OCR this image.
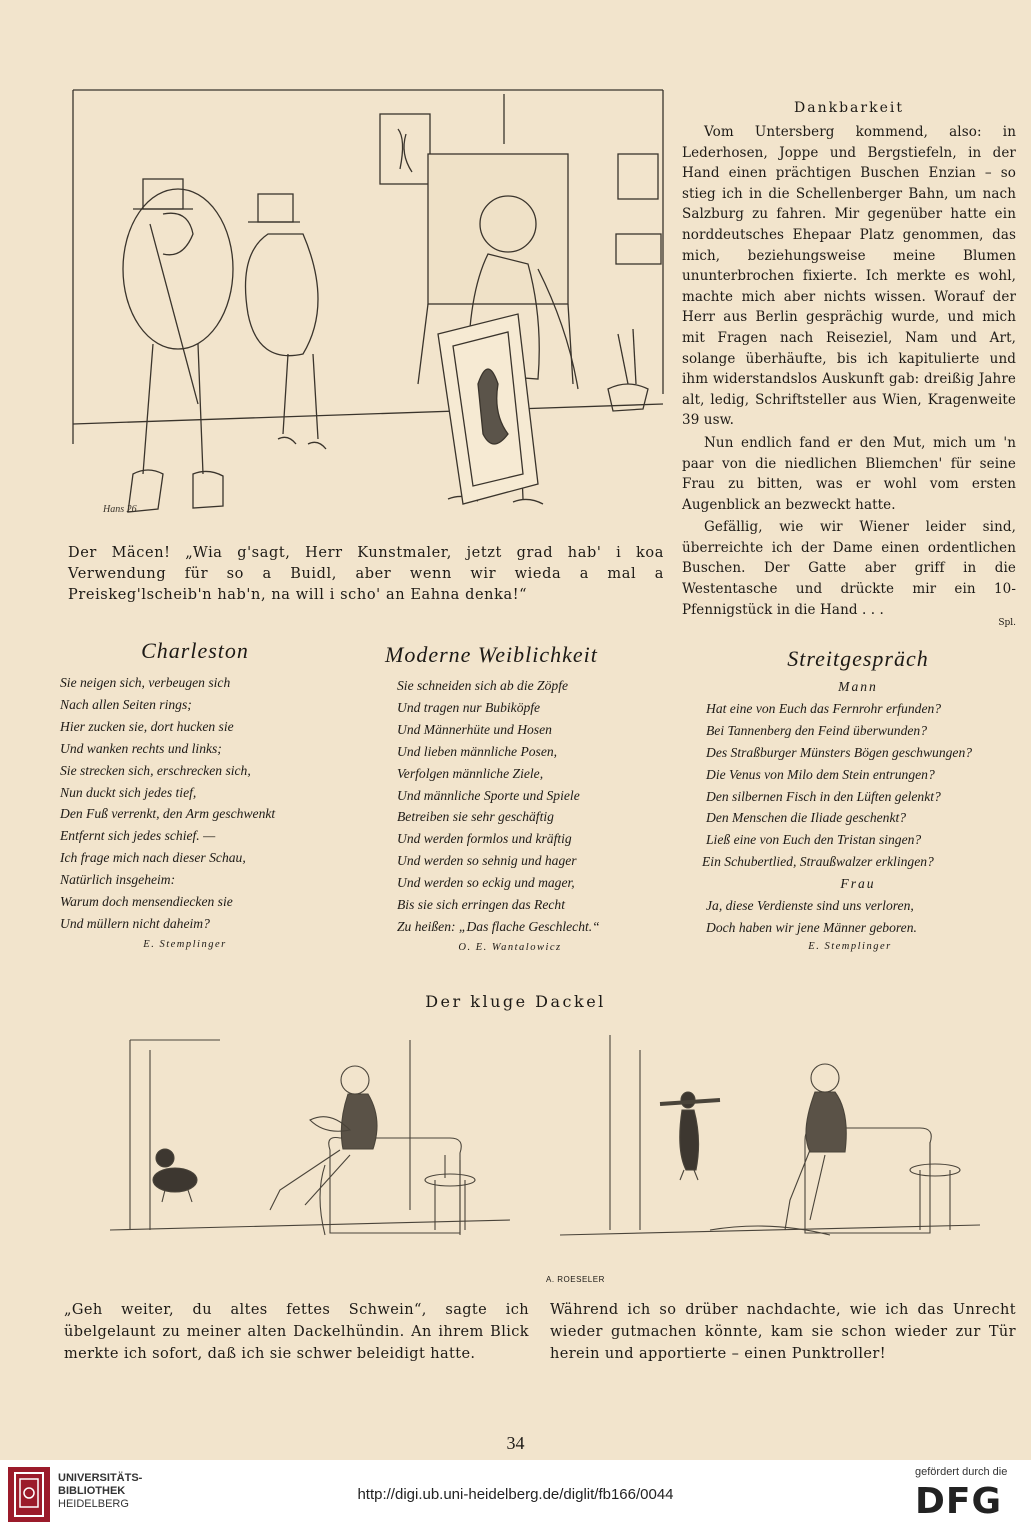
Hans 26
Der Mäcen! „Wia g'sagt, Herr Kunstmaler, jetzt grad hab' i koa Verwendung für so a Buidl, aber wenn wir wieda a mal a Preiskeg'lscheib'n hab'n, na will i scho' an Eahna denka!“
Dankbarkeit

Vom Untersberg kommend, also: in Lederhosen, Joppe und Bergstiefeln, in der Hand einen prächtigen Buschen Enzian – so stieg ich in die Schellenberger Bahn, um nach Salzburg zu fahren. Mir gegenüber hatte ein norddeutsches Ehepaar Platz genommen, das mich, beziehungsweise meine Blumen ununterbrochen fixierte. Ich merkte es wohl, machte mich aber nichts wissen. Worauf der Herr aus Berlin gesprächig wurde, und mich mit Fragen nach Reiseziel, Nam und Art, solange überhäufte, bis ich kapitulierte und ihm widerstandslos Auskunft gab: dreißig Jahre alt, ledig, Schriftsteller aus Wien, Kragenweite 39 usw.

Nun endlich fand er den Mut, mich um 'n paar von die niedlichen Bliemchen' für seine Frau zu bitten, was er wohl vom ersten Augenblick an bezweckt hatte.

Gefällig, wie wir Wiener leider sind, überreichte ich der Dame einen ordentlichen Buschen. Der Gatte aber griff in die Westentasche und drückte mir ein 10-Pfennigstück in die Hand . . .

Spl.
Charleston
Sie neigen sich, verbeugen sich
Nach allen Seiten rings;
Hier zucken sie, dort hucken sie
Und wanken rechts und links;
Sie strecken sich, erschrecken sich,
Nun duckt sich jedes tief,
Den Fuß verrenkt, den Arm geschwenkt
Entfernt sich jedes schief. —
Ich frage mich nach dieser Schau,
Natürlich insgeheim:
Warum doch mensendiecken sie
Und müllern nicht daheim?
E. Stemplinger
Moderne Weiblichkeit
Sie schneiden sich ab die Zöpfe
Und tragen nur Bubiköpfe
Und Männerhüte und Hosen
Und lieben männliche Posen,
Verfolgen männliche Ziele,
Und männliche Sporte und Spiele
Betreiben sie sehr geschäftig
Und werden formlos und kräftig
Und werden so sehnig und hager
Und werden so eckig und mager,
Bis sie sich erringen das Recht
Zu heißen: „Das flache Geschlecht.“
O. E. Wantalowicz
Streitgespräch
Mann
Hat eine von Euch das Fernrohr erfunden?
Bei Tannenberg den Feind überwunden?
Des Straßburger Münsters Bögen geschwungen?
Die Venus von Milo dem Stein entrungen?
Den silbernen Fisch in den Lüften gelenkt?
Den Menschen die Iliade geschenkt?
Ließ eine von Euch den Tristan singen?
Ein Schubertlied, Straußwalzer erklingen?
Frau
Ja, diese Verdienste sind uns verloren,
Doch haben wir jene Männer geboren.
E. Stemplinger
Der kluge Dackel
A. ROESELER
„Geh weiter, du altes fettes Schwein“, sagte ich übelgelaunt zu meiner alten Dackelhündin. An ihrem Blick merkte ich sofort, daß ich sie schwer beleidigt hatte.
Während ich so drüber nachdachte, wie ich das Unrecht wieder gutmachen könnte, kam sie schon wieder zur Tür herein und apportierte – einen Punktroller!
34
UNIVERSITÄTS-
BIBLIOTHEK
HEIDELBERG
http://digi.ub.uni-heidelberg.de/diglit/fb166/0044
gefördert durch die
DFG
